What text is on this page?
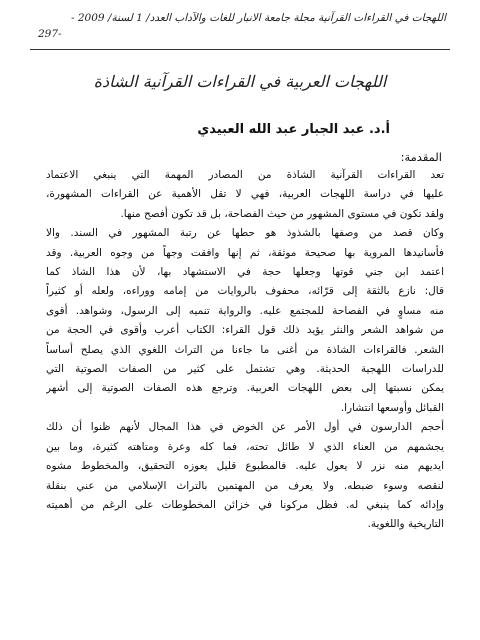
اللهجات في القراءات القرآنية مجلة جامعة الانبار للغات والآداب العدد/ 1 لسنة/ 2009 -
-297
اللهجات العربية في القراءات القرآنية الشاذة
أ.د. عبد الجبار عبد الله العبيدي
المقدمة:
تعد القراءات القرآنية الشاذة من المصادر المهمة التي ينبغي الاعتماد
عليها في دراسة اللهجات العربية، فهي لا تقل الأهمية عن القراءات المشهورة،
ولقد تكون في مستوى المشهور من حيث الفصاحة، بل قد تكون أفصح منها.
وكان قصد من وصفها بالشذوذ هو حطها عن رتبة المشهور في السند. والا
فأسانيدها المروية بها صحيحة موثقة، ثم إنها وافقت وجهاً من وجوه العربية. وقد
اعتمد ابن جني قوتها وجعلها حجة في الاستشهاد بها، لأن هذا الشاذ كما
قال: نازع بالثقة إلى قرّائه، محفوف بالروايات من إمامه ووراءه، ولعله أو كثيراً
منه مساوٍ في الفصاحة للمجتمع عليه. والرواية تنميه إلى الرسول، وشواهد. أقوى
من شواهد الشعر والنثر يؤيد ذلك قول القراء: الكتاب أعرب وأقوى في الحجة من
الشعر. فالقراءات الشاذة من أغنى ما جاءنا من التراث اللغوي الذي يصلح أساساً
للدراسات اللهجية الحديثة. وهي تشتمل على كثير من الصفات الصوتية التي
يمكن نسبتها إلى بعض اللهجات العربية. وترجع هذه الصفات الصوتية إلى أشهر
القبائل وأوسعها انتشارا.
أحجم الدارسون في أول الأمر عن الخوض في هذا المجال لأنهم ظنوا أن ذلك
يجشمهم من العناء الذي لا طائل تحته، فما كله وعرة ومتاهته كثيرة، وما بين
ايديهم منه نزر لا يعول عليه. فالمطبوع قليل يعوزه التحقيق، والمخطوط مشوه
لنقصه وسوء ضبطه. ولا يعرف من المهتمين بالتراث الإسلامي من عني بنقلة
وإدائه كما ينبغي له. فظل مركونا في خزائن المخطوطات على الرغم من أهميته
التاريخية واللغوية.
